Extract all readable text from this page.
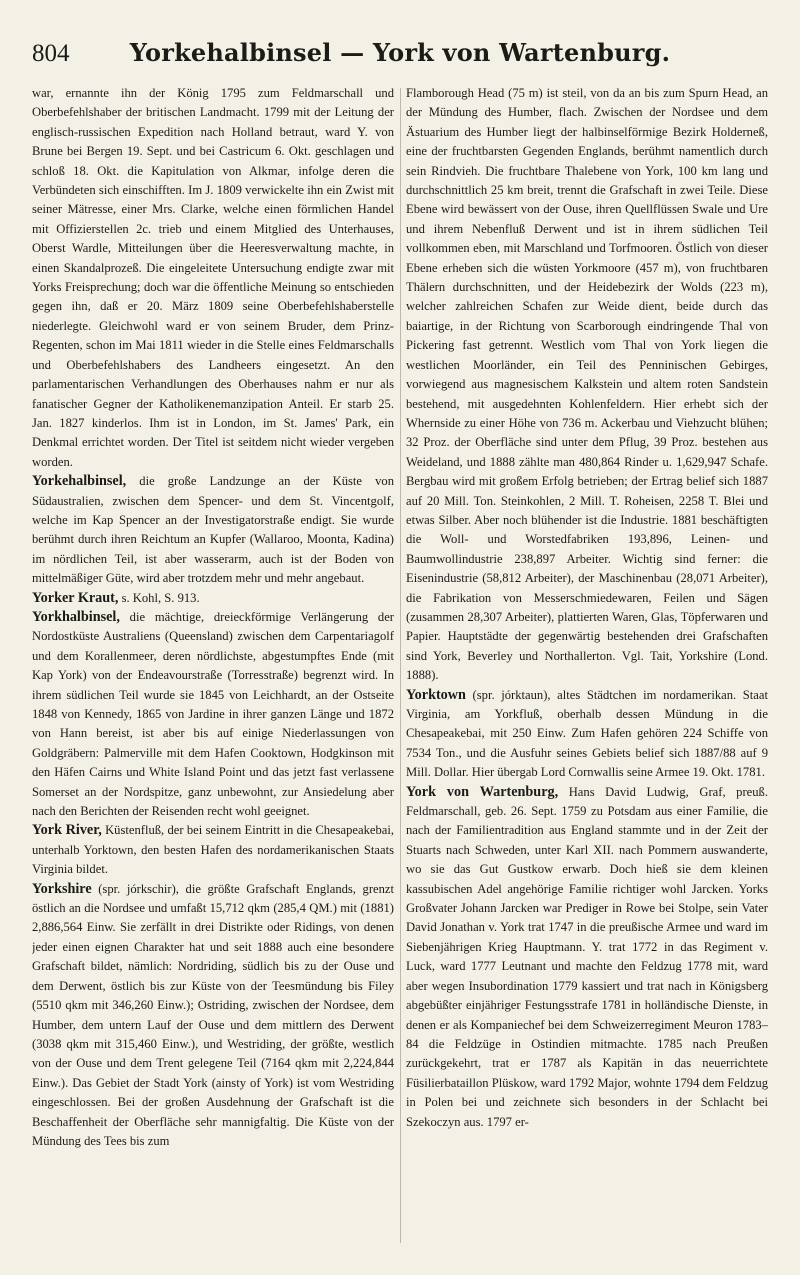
804	Yorkehalbinsel — York von Wartenburg.

war, ernannte ihn der König 1795 zum Feldmarschall und Oberbefehlshaber der britischen Landmacht. 1799 mit der Leitung der englisch-russischen Expedition nach Holland betraut, ward Y. von Brune bei Bergen 19. Sept. und bei Castricum 6. Okt. geschlagen und schloß 18. Okt. die Kapitulation von Alkmar, infolge deren die Verbündeten sich einschifften. Im J. 1809 verwickelte ihn ein Zwist mit seiner Mätresse, einer Mrs. Clarke, welche einen förmlichen Handel mit Offizierstellen 2c. trieb und einem Mitglied des Unterhauses, Oberst Wardle, Mitteilungen über die Heeresverwaltung machte, in einen Skandalprozeß. Die eingeleitete Untersuchung endigte zwar mit Yorks Freisprechung; doch war die öffentliche Meinung so entschieden gegen ihn, daß er 20. März 1809 seine Oberbefehlshaberstelle niederlegte. Gleichwohl ward er von seinem Bruder, dem Prinz-Regenten, schon im Mai 1811 wieder in die Stelle eines Feldmarschalls und Oberbefehlshabers des Landheers eingesetzt. An den parlamentarischen Verhandlungen des Oberhauses nahm er nur als fanatischer Gegner der Katholikenemanzipation Anteil. Er starb 25. Jan. 1827 kinderlos. Ihm ist in London, im St. James' Park, ein Denkmal errichtet worden. Der Titel ist seitdem nicht wieder vergeben worden.

Yorkehalbinsel, die große Landzunge an der Küste von Südaustralien, zwischen dem Spencer- und dem St. Vincentgolf, welche im Kap Spencer an der Investigatorstraße endigt. Sie wurde berühmt durch ihren Reichtum an Kupfer (Wallaroo, Moonta, Kadina) im nördlichen Teil, ist aber wasserarm, auch ist der Boden von mittelmäßiger Güte, wird aber trotzdem mehr und mehr angebaut.

Yorker Kraut, s. Kohl, S. 913.

Yorkhalbinsel, die mächtige, dreieckförmige Verlängerung der Nordostküste Australiens (Queensland) zwischen dem Carpentariagolf und dem Korallenmeer, deren nördlichste, abgestumpftes Ende (mit Kap York) von der Endeavourstraße (Torresstraße) begrenzt wird. In ihrem südlichen Teil wurde sie 1845 von Leichhardt, an der Ostseite 1848 von Kennedy, 1865 von Jardine in ihrer ganzen Länge und 1872 von Hann bereist, ist aber bis auf einige Niederlassungen von Goldgräbern: Palmerville mit dem Hafen Cooktown, Hodgkinson mit den Häfen Cairns und White Island Point und das jetzt fast verlassene Somerset an der Nordspitze, ganz unbewohnt, zur Ansiedelung aber nach den Berichten der Reisenden recht wohl geeignet.

York River, Küstenfluß, der bei seinem Eintritt in die Chesapeakebai, unterhalb Yorktown, den besten Hafen des nordamerikanischen Staats Virginia bildet.

Yorkshire (spr. jórkschir), die größte Grafschaft Englands, grenzt östlich an die Nordsee und umfaßt 15,712 qkm (285,4 QM.) mit (1881) 2,886,564 Einw. Sie zerfällt in drei Distrikte oder Ridings, von denen jeder einen eignen Charakter hat und seit 1888 auch eine besondere Grafschaft bildet, nämlich: Nordriding, südlich bis zu der Ouse und dem Derwent, östlich bis zur Küste von der Teesmündung bis Filey (5510 qkm mit 346,260 Einw.); Ostriding, zwischen der Nordsee, dem Humber, dem untern Lauf der Ouse und dem mittlern des Derwent (3038 qkm mit 315,460 Einw.), und Westriding, der größte, westlich von der Ouse und dem Trent gelegene Teil (7164 qkm mit 2,224,844 Einw.). Das Gebiet der Stadt York (ainsty of York) ist vom Westriding eingeschlossen. Bei der großen Ausdehnung der Grafschaft ist die Beschaffenheit der Oberfläche sehr mannigfaltig. Die Küste von der Mündung des Tees bis zum

Flamborough Head (75 m) ist steil, von da an bis zum Spurn Head, an der Mündung des Humber, flach. Zwischen der Nordsee und dem Ästuarium des Humber liegt der halbinselförmige Bezirk Holderneß, eine der fruchtbarsten Gegenden Englands, berühmt namentlich durch sein Rindvieh. Die fruchtbare Thalebene von York, 100 km lang und durchschnittlich 25 km breit, trennt die Grafschaft in zwei Teile. Diese Ebene wird bewässert von der Ouse, ihren Quellflüssen Swale und Ure und ihrem Nebenfluß Derwent und ist in ihrem südlichen Teil vollkommen eben, mit Marschland und Torfmooren. Östlich von dieser Ebene erheben sich die wüsten Yorkmoore (457 m), von fruchtbaren Thälern durchschnitten, und der Heidebezirk der Wolds (223 m), welcher zahlreichen Schafen zur Weide dient, beide durch das baiartige, in der Richtung von Scarborough eindringende Thal von Pickering fast getrennt. Westlich vom Thal von York liegen die westlichen Moorländer, ein Teil des Penninischen Gebirges, vorwiegend aus magnesischem Kalkstein und altem roten Sandstein bestehend, mit ausgedehnten Kohlenfeldern. Hier erhebt sich der Whernside zu einer Höhe von 736 m. Ackerbau und Viehzucht blühen; 32 Proz. der Oberfläche sind unter dem Pflug, 39 Proz. bestehen aus Weideland, und 1888 zählte man 480,864 Rinder u. 1,629,947 Schafe. Bergbau wird mit großem Erfolg betrieben; der Ertrag belief sich 1887 auf 20 Mill. Ton. Steinkohlen, 2 Mill. T. Roheisen, 2258 T. Blei und etwas Silber. Aber noch blühender ist die Industrie. 1881 beschäftigten die Woll- und Worstedfabriken 193,896, Leinen- und Baumwollindustrie 238,897 Arbeiter. Wichtig sind ferner: die Eisenindustrie (58,812 Arbeiter), der Maschinenbau (28,071 Arbeiter), die Fabrikation von Messerschmiedewaren, Feilen und Sägen (zusammen 28,307 Arbeiter), plattierten Waren, Glas, Töpferwaren und Papier. Hauptstädte der gegenwärtig bestehenden drei Grafschaften sind York, Beverley und Northallerton. Vgl. Tait, Yorkshire (Lond. 1888).

Yorktown (spr. jórktaun), altes Städtchen im nordamerikan. Staat Virginia, am Yorkfluß, oberhalb dessen Mündung in die Chesapeakebai, mit 250 Einw. Zum Hafen gehören 224 Schiffe von 7534 Ton., und die Ausfuhr seines Gebiets belief sich 1887/88 auf 9 Mill. Dollar. Hier übergab Lord Cornwallis seine Armee 19. Okt. 1781.

York von Wartenburg, Hans David Ludwig, Graf, preuß. Feldmarschall, geb. 26. Sept. 1759 zu Potsdam aus einer Familie, die nach der Familientradition aus England stammte und in der Zeit der Stuarts nach Schweden, unter Karl XII. nach Pommern auswanderte, wo sie das Gut Gustkow erwarb. Doch hieß sie dem kleinen kassubischen Adel angehörige Familie richtiger wohl Jarcken. Yorks Großvater Johann Jarcken war Prediger in Rowe bei Stolpe, sein Vater David Jonathan v. York trat 1747 in die preußische Armee und ward im Siebenjährigen Krieg Hauptmann. Y. trat 1772 in das Regiment v. Luck, ward 1777 Leutnant und machte den Feldzug 1778 mit, ward aber wegen Insubordination 1779 kassiert und trat nach in Königsberg abgebüßter einjähriger Festungsstrafe 1781 in holländische Dienste, in denen er als Kompaniechef bei dem Schweizerregiment Meuron 1783–84 die Feldzüge in Ostindien mitmachte. 1785 nach Preußen zurückgekehrt, trat er 1787 als Kapitän in das neuerrichtete Füsilierbataillon Plüskow, ward 1792 Major, wohnte 1794 dem Feldzug in Polen bei und zeichnete sich besonders in der Schlacht bei Szekoczyn aus. 1797 er-
